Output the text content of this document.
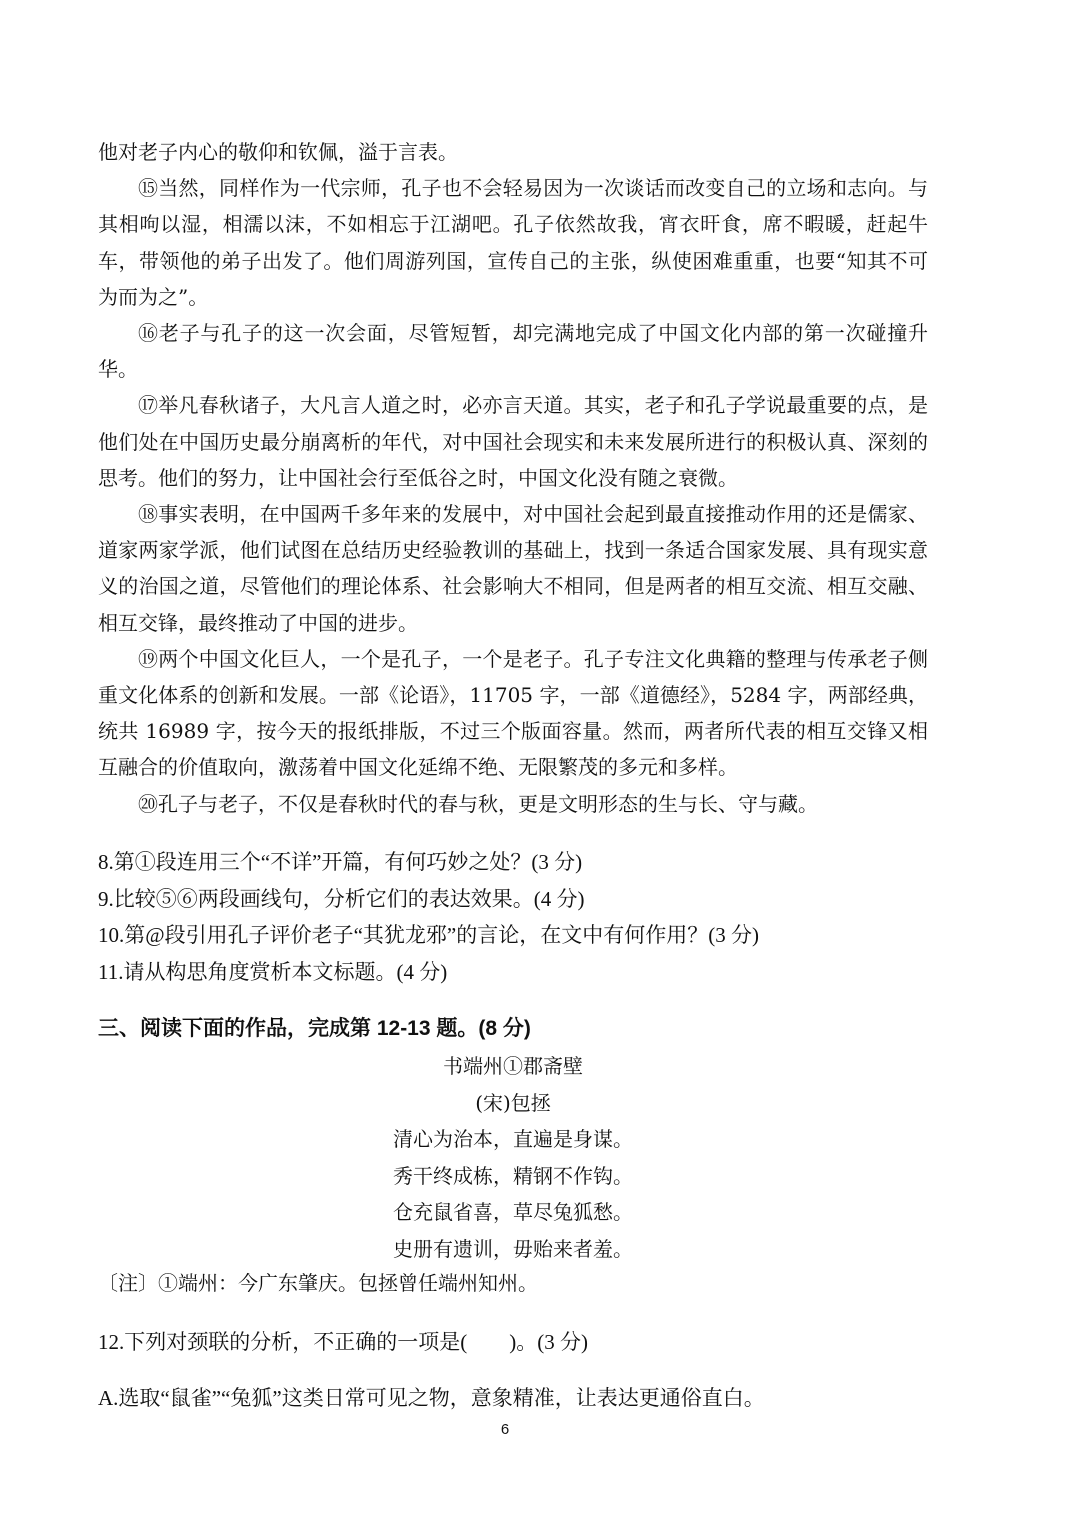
他对老子内心的敬仰和钦佩，溢于言表。

⑮当然，同样作为一代宗师，孔子也不会轻易因为一次谈话而改变自己的立场和志向。与其相呴以湿，相濡以沫，不如相忘于江湖吧。孔子依然故我，宵衣旰食，席不暇暖，赶起牛车，带领他的弟子出发了。他们周游列国，宣传自己的主张，纵使困难重重，也要“知其不可为而为之”。

⑯老子与孔子的这一次会面，尽管短暂，却完满地完成了中国文化内部的第一次碰撞升华。

⑰举凡春秋诸子，大凡言人道之时，必亦言天道。其实，老子和孔子学说最重要的点，是他们处在中国历史最分崩离析的年代，对中国社会现实和未来发展所进行的积极认真、深刻的思考。他们的努力，让中国社会行至低谷之时，中国文化没有随之衰微。

⑱事实表明，在中国两千多年来的发展中，对中国社会起到最直接推动作用的还是儒家、道家两家学派，他们试图在总结历史经验教训的基础上，找到一条适合国家发展、具有现实意义的治国之道，尽管他们的理论体系、社会影响大不相同，但是两者的相互交流、相互交融、相互交锋，最终推动了中国的进步。

⑲两个中国文化巨人，一个是孔子，一个是老子。孔子专注文化典籍的整理与传承老子侧重文化体系的创新和发展。一部《论语》，11705 字，一部《道德经》，5284 字，两部经典，统共 16989 字，按今天的报纸排版，不过三个版面容量。然而，两者所代表的相互交锋又相互融合的价值取向，激荡着中国文化延绵不绝、无限繁茂的多元和多样。

⑳孔子与老子，不仅是春秋时代的春与秋，更是文明形态的生与长、守与藏。

8.第①段连用三个“不详”开篇，有何巧妙之处？(3 分)

9.比较⑤⑥两段画线句，分析它们的表达效果。(4 分)

10.第@段引用孔子评价老子“其犹龙邪”的言论，在文中有何作用？(3 分)

11.请从构思角度赏析本文标题。(4 分)

三、阅读下面的作品，完成第 12-13 题。(8 分)

书端州①郡斋壁

(宋)包拯

清心为治本，直遍是身谋。

秀干终成栋，精钢不作钩。

仓充鼠省喜，草尽兔狐愁。

史册有遗训，毋贻来者羞。

〔注〕①端州：今广东肇庆。包拯曾任端州知州。

12.下列对颈联的分析，不正确的一项是(　　)。(3 分)

A.选取“鼠雀”“兔狐”这类日常可见之物，意象精准，让表达更通俗直白。

6
